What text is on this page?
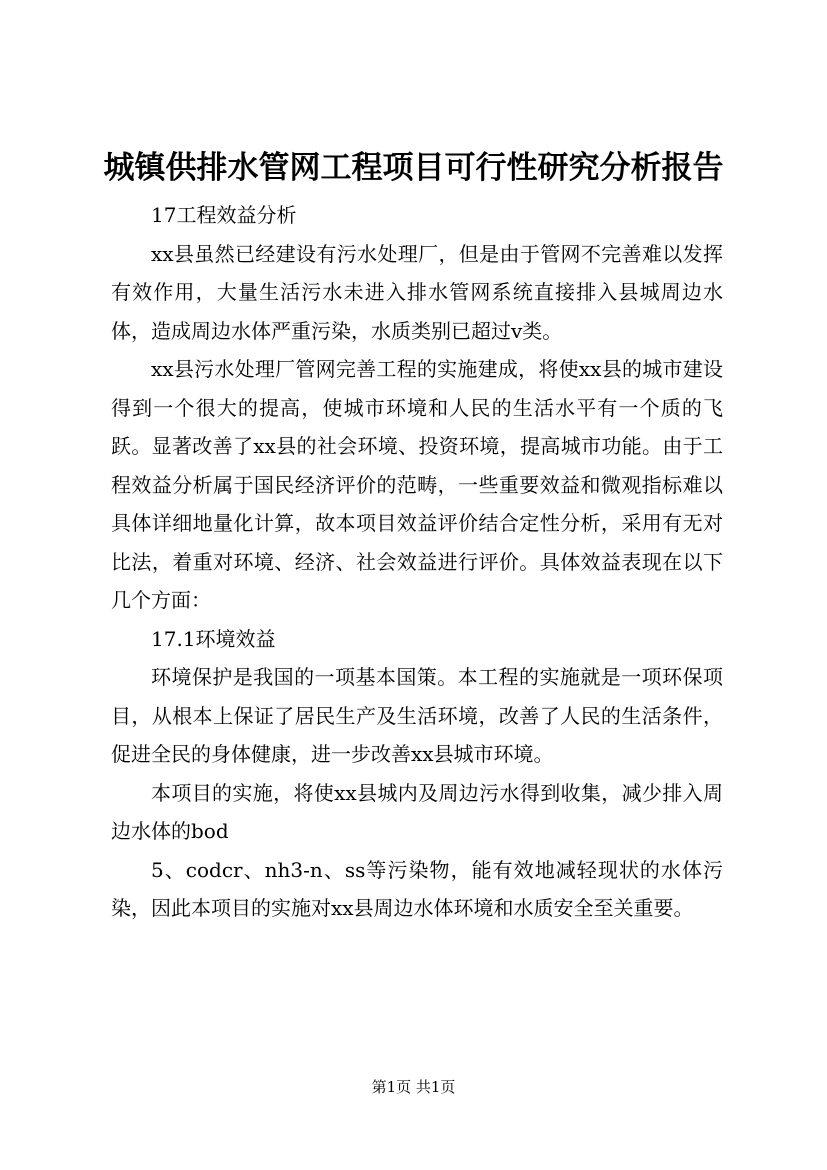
城镇供排水管网工程项目可行性研究分析报告

17工程效益分析

xx县虽然已经建设有污水处理厂，但是由于管网不完善难以发挥有效作用，大量生活污水未进入排水管网系统直接排入县城周边水体，造成周边水体严重污染，水质类别已超过v类。

xx县污水处理厂管网完善工程的实施建成，将使xx县的城市建设得到一个很大的提高，使城市环境和人民的生活水平有一个质的飞跃。显著改善了xx县的社会环境、投资环境，提高城市功能。由于工程效益分析属于国民经济评价的范畴，一些重要效益和微观指标难以具体详细地量化计算，故本项目效益评价结合定性分析，采用有无对比法，着重对环境、经济、社会效益进行评价。具体效益表现在以下几个方面：

17.1环境效益

环境保护是我国的一项基本国策。本工程的实施就是一项环保项目，从根本上保证了居民生产及生活环境，改善了人民的生活条件，促进全民的身体健康，进一步改善xx县城市环境。

本项目的实施，将使xx县城内及周边污水得到收集，减少排入周边水体的bod

5、codcr、nh3-n、ss等污染物，能有效地减轻现状的水体污染，因此本项目的实施对xx县周边水体环境和水质安全至关重要。

第1页 共1页
